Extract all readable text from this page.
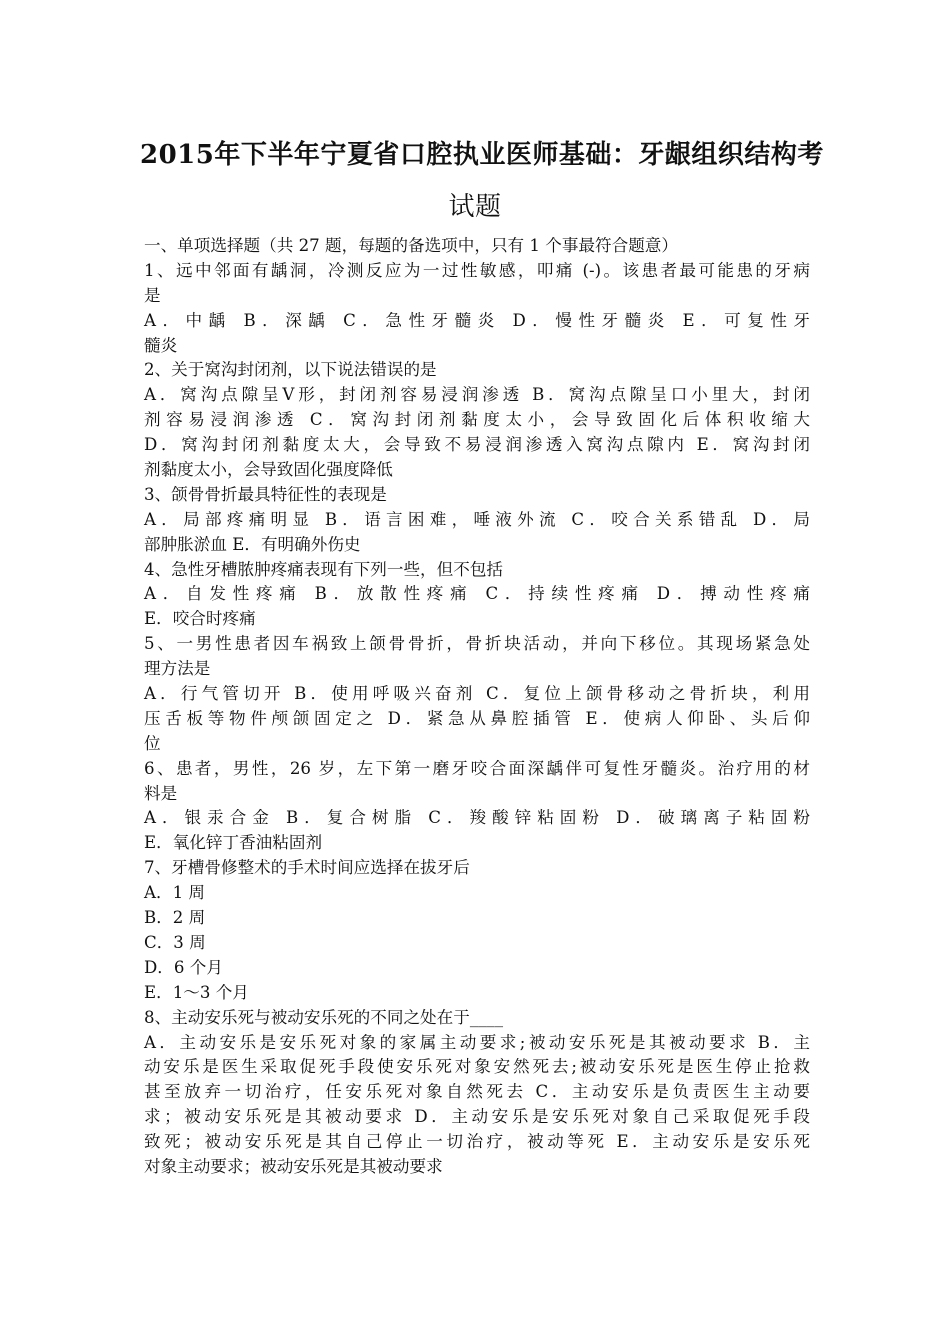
2015年下半年宁夏省口腔执业医师基础：牙龈组织结构考
试题
一、单项选择题（共 27 题，每题的备选项中，只有 1 个事最符合题意）
1、远中邻面有龋洞，冷测反应为一过性敏感，叩痛 (-)。该患者最可能患的牙病
是
A．中龋 B．深龋 C．急性牙髓炎 D．慢性牙髓炎 E．可复性牙
髓炎
2、关于窝沟封闭剂，以下说法错误的是
A．窝沟点隙呈Ⅴ形，封闭剂容易浸润渗透 B．窝沟点隙呈口小里大，封闭
剂容易浸润渗透 C．窝沟封闭剂黏度太小，会导致固化后体积收缩大
D．窝沟封闭剂黏度太大，会导致不易浸润渗透入窝沟点隙内 E．窝沟封闭
剂黏度太小，会导致固化强度降低
3、颌骨骨折最具特征性的表现是
A．局部疼痛明显 B．语言困难，唾液外流 C．咬合关系错乱 D．局
部肿胀淤血 E．有明确外伤史
4、急性牙槽脓肿疼痛表现有下列一些，但不包括
A．自发性疼痛 B．放散性疼痛 C．持续性疼痛 D．搏动性疼痛
E．咬合时疼痛
5、一男性患者因车祸致上颌骨骨折，骨折块活动，并向下移位。其现场紧急处
理方法是
A．行气管切开 B．使用呼吸兴奋剂 C．复位上颌骨移动之骨折块，利用
压舌板等物件颅颌固定之 D．紧急从鼻腔插管 E．使病人仰卧、头后仰
位
6、患者，男性，26 岁，左下第一磨牙咬合面深龋伴可复性牙髓炎。治疗用的材
料是
A．银汞合金 B．复合树脂 C．羧酸锌粘固粉 D．破璃离子粘固粉
E．氧化锌丁香油粘固剂
7、牙槽骨修整术的手术时间应选择在拔牙后
A．1 周
B．2 周
C．3 周
D．6 个月
E．1～3 个月
8、主动安乐死与被动安乐死的不同之处在于____
A．主动安乐是安乐死对象的家属主动要求;被动安乐死是其被动要求 B．主
动安乐是医生采取促死手段使安乐死对象安然死去;被动安乐死是医生停止抢救
甚至放弃一切治疗，任安乐死对象自然死去 C．主动安乐是负责医生主动要
求；被动安乐死是其被动要求 D．主动安乐是安乐死对象自己采取促死手段
致死；被动安乐死是其自己停止一切治疗，被动等死 E．主动安乐是安乐死
对象主动要求；被动安乐死是其被动要求
